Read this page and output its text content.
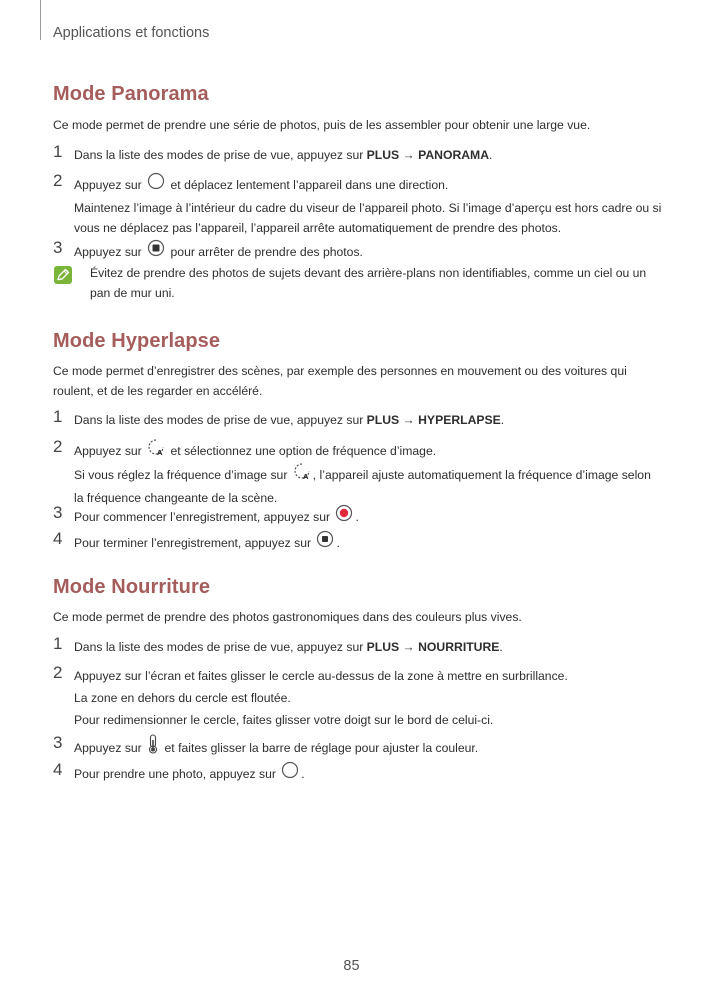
Applications et fonctions
Mode Panorama
Ce mode permet de prendre une série de photos, puis de les assembler pour obtenir une large vue.
1 Dans la liste des modes de prise de vue, appuyez sur PLUS → PANORAMA.
2 Appuyez sur  et déplacez lentement l’appareil dans une direction.
Maintenez l’image à l’intérieur du cadre du viseur de l’appareil photo. Si l’image d’aperçu est hors cadre ou si vous ne déplacez pas l’appareil, l’appareil arrête automatiquement de prendre des photos.
3 Appuyez sur  pour arrêter de prendre des photos.
Évitez de prendre des photos de sujets devant des arrière-plans non identifiables, comme un ciel ou un pan de mur uni.
Mode Hyperlapse
Ce mode permet d’enregistrer des scènes, par exemple des personnes en mouvement ou des voitures qui roulent, et de les regarder en accéléré.
1 Dans la liste des modes de prise de vue, appuyez sur PLUS → HYPERLAPSE.
2 Appuyez sur A et sélectionnez une option de fréquence d’image.
Si vous réglez la fréquence d’image sur A , l’appareil ajuste automatiquement la fréquence d’image selon la fréquence changeante de la scène.
3 Pour commencer l’enregistrement, appuyez sur .
4 Pour terminer l’enregistrement, appuyez sur .
Mode Nourriture
Ce mode permet de prendre des photos gastronomiques dans des couleurs plus vives.
1 Dans la liste des modes de prise de vue, appuyez sur PLUS → NOURRITURE.
2 Appuyez sur l’écran et faites glisser le cercle au-dessus de la zone à mettre en surbrillance.
La zone en dehors du cercle est floutée.
Pour redimensionner le cercle, faites glisser votre doigt sur le bord de celui-ci.
3 Appuyez sur  et faites glisser la barre de réglage pour ajuster la couleur.
4 Pour prendre une photo, appuyez sur .
85
